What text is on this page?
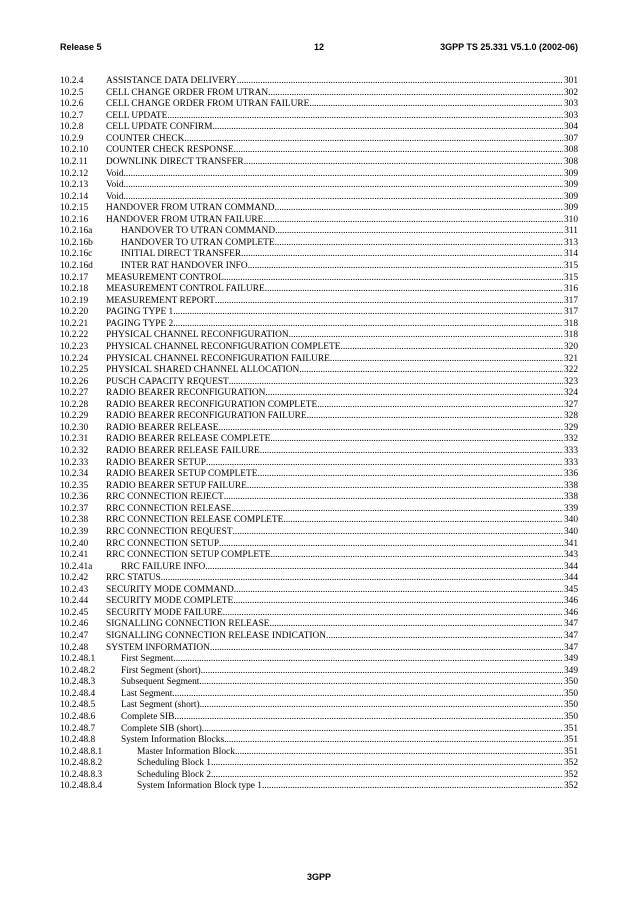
Release 5	12	3GPP TS 25.331 V5.1.0 (2002-06)
10.2.4	ASSISTANCE DATA DELIVERY .....	301
10.2.5	CELL CHANGE ORDER FROM UTRAN .....	302
10.2.6	CELL CHANGE ORDER FROM UTRAN FAILURE .....	303
10.2.7	CELL UPDATE .....	303
10.2.8	CELL UPDATE CONFIRM .....	304
10.2.9	COUNTER CHECK .....	307
10.2.10	COUNTER CHECK RESPONSE .....	308
10.2.11	DOWNLINK DIRECT TRANSFER .....	308
10.2.12	Void .....	309
10.2.13	Void .....	309
10.2.14	Void .....	309
10.2.15	HANDOVER FROM UTRAN COMMAND .....	309
10.2.16	HANDOVER FROM UTRAN FAILURE .....	310
10.2.16a	HANDOVER TO UTRAN COMMAND .....	311
10.2.16b	HANDOVER TO UTRAN COMPLETE .....	313
10.2.16c	INITIAL DIRECT TRANSFER .....	314
10.2.16d	INTER RAT HANDOVER INFO .....	315
10.2.17	MEASUREMENT CONTROL .....	315
10.2.18	MEASUREMENT CONTROL FAILURE .....	316
10.2.19	MEASUREMENT REPORT .....	317
10.2.20	PAGING TYPE 1 .....	317
10.2.21	PAGING TYPE 2 .....	318
10.2.22	PHYSICAL CHANNEL RECONFIGURATION .....	318
10.2.23	PHYSICAL CHANNEL RECONFIGURATION COMPLETE .....	320
10.2.24	PHYSICAL CHANNEL RECONFIGURATION FAILURE .....	321
10.2.25	PHYSICAL SHARED CHANNEL ALLOCATION .....	322
10.2.26	PUSCH CAPACITY REQUEST .....	323
10.2.27	RADIO BEARER RECONFIGURATION .....	324
10.2.28	RADIO BEARER RECONFIGURATION COMPLETE .....	327
10.2.29	RADIO BEARER RECONFIGURATION FAILURE .....	328
10.2.30	RADIO BEARER RELEASE .....	329
10.2.31	RADIO BEARER RELEASE COMPLETE .....	332
10.2.32	RADIO BEARER RELEASE FAILURE .....	333
10.2.33	RADIO BEARER SETUP .....	333
10.2.34	RADIO BEARER SETUP COMPLETE .....	336
10.2.35	RADIO BEARER SETUP FAILURE .....	338
10.2.36	RRC CONNECTION REJECT .....	338
10.2.37	RRC CONNECTION RELEASE .....	339
10.2.38	RRC CONNECTION RELEASE COMPLETE .....	340
10.2.39	RRC CONNECTION REQUEST .....	340
10.2.40	RRC CONNECTION SETUP .....	341
10.2.41	RRC CONNECTION SETUP COMPLETE .....	343
10.2.41a	RRC FAILURE INFO .....	344
10.2.42	RRC STATUS .....	344
10.2.43	SECURITY MODE COMMAND .....	345
10.2.44	SECURITY MODE COMPLETE .....	346
10.2.45	SECURITY MODE FAILURE .....	346
10.2.46	SIGNALLING CONNECTION RELEASE .....	347
10.2.47	SIGNALLING CONNECTION RELEASE INDICATION .....	347
10.2.48	SYSTEM INFORMATION .....	347
10.2.48.1	First Segment .....	349
10.2.48.2	First Segment (short) .....	349
10.2.48.3	Subsequent Segment .....	350
10.2.48.4	Last Segment .....	350
10.2.48.5	Last Segment (short) .....	350
10.2.48.6	Complete SIB .....	350
10.2.48.7	Complete SIB (short) .....	351
10.2.48.8	System Information Blocks .....	351
10.2.48.8.1	Master Information Block .....	351
10.2.48.8.2	Scheduling Block 1 .....	352
10.2.48.8.3	Scheduling Block 2 .....	352
10.2.48.8.4	System Information Block type 1 .....	352
3GPP
